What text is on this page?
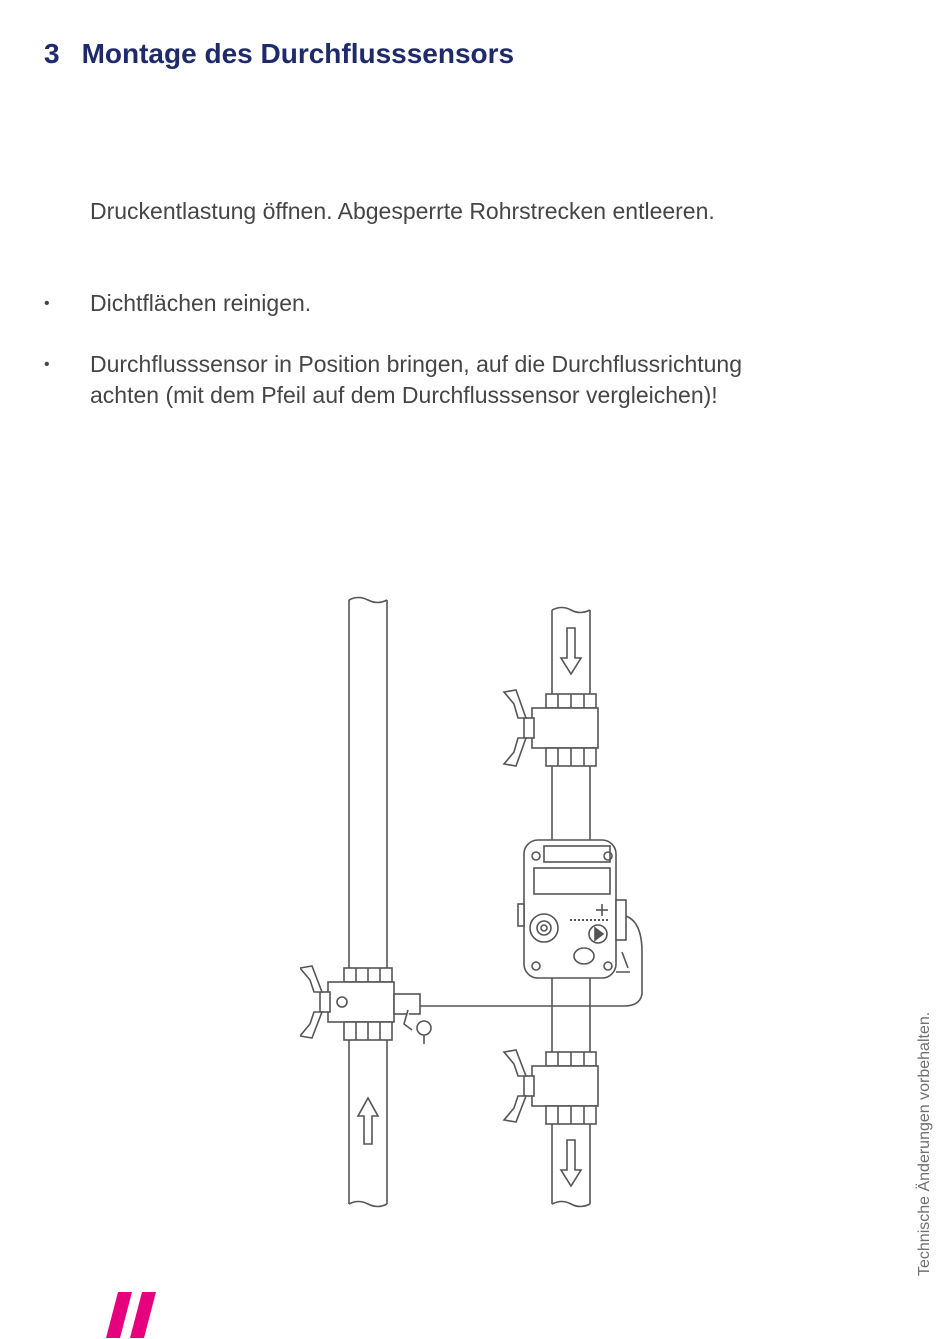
3 Montage des Durchflusssensors
Druckentlastung öffnen. Abgesperrte Rohrstrecken entleeren.
•	Dichtflächen reinigen.
•	Durchflusssensor in Position bringen, auf die Durchflussrichtung achten (mit dem Pfeil auf dem Durchflusssensor vergleichen)!
Technische Änderungen vorbehalten.
